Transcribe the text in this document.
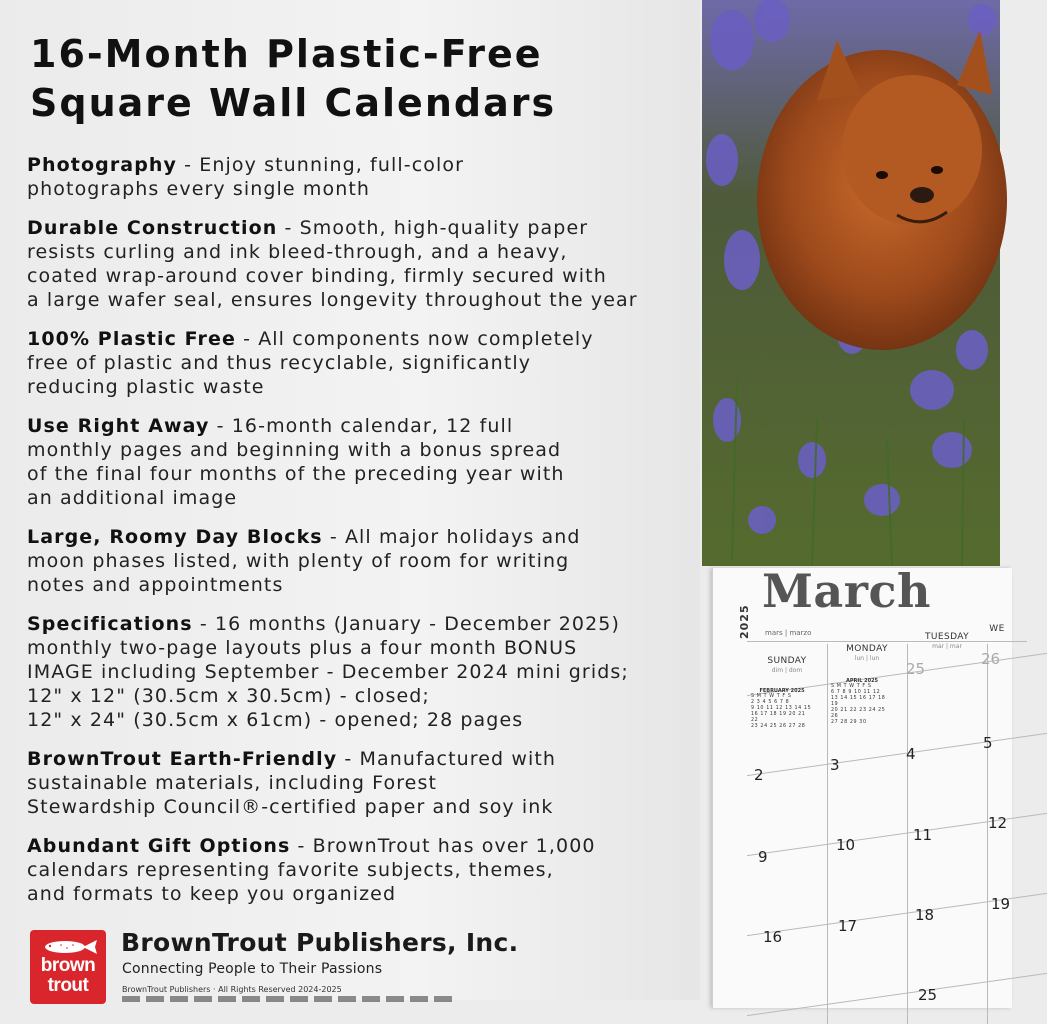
16-Month Plastic-Free
Square Wall Calendars
Photography - Enjoy stunning, full-color
photographs every single month
Durable Construction - Smooth, high-quality paper
resists curling and ink bleed-through, and a heavy,
coated wrap-around cover binding, firmly secured with
a large wafer seal, ensures longevity throughout the year
100% Plastic Free - All components now completely
free of plastic and thus recyclable, significantly
reducing plastic waste
Use Right Away - 16-month calendar, 12 full
monthly pages and beginning with a bonus spread
of the final four months of the preceding year with
an additional image
Large, Roomy Day Blocks - All major holidays and
moon phases listed, with plenty of room for writing
notes and appointments
Specifications - 16 months (January - December 2025)
monthly two-page layouts plus a four month BONUS
IMAGE including September - December 2024 mini grids;
12" x 12" (30.5cm x 30.5cm) - closed;
12" x 24" (30.5cm x 61cm) - opened; 28 pages
BrownTrout Earth-Friendly - Manufactured with
sustainable materials, including Forest
Stewardship Council®-certified paper and soy ink
Abundant Gift Options - BrownTrout has over 1,000
calendars representing favorite subjects, themes,
and formats to keep you organized
brown
trout
BrownTrout Publishers, Inc.
Connecting People to Their Passions
BrownTrout Publishers · All Rights Reserved 2024-2025
2025
March
mars | marzo
SUNDAY
dim | dom
MONDAY
lun | lun
TUESDAY
mar | mar
WE
FEBRUARY 2025
S M T W T F S
2 3 4 5 6 7 8
9 10 11 12 13 14 15
16 17 18 19 20 21 22
23 24 25 26 27 28
APRIL 2025
S M T W T F S
6 7 8 9 10 11 12
13 14 15 16 17 18 19
20 21 22 23 24 25 26
27 28 29 30
25
26
2
3
4
5
9
10
11
12
16
17
18
19
25
